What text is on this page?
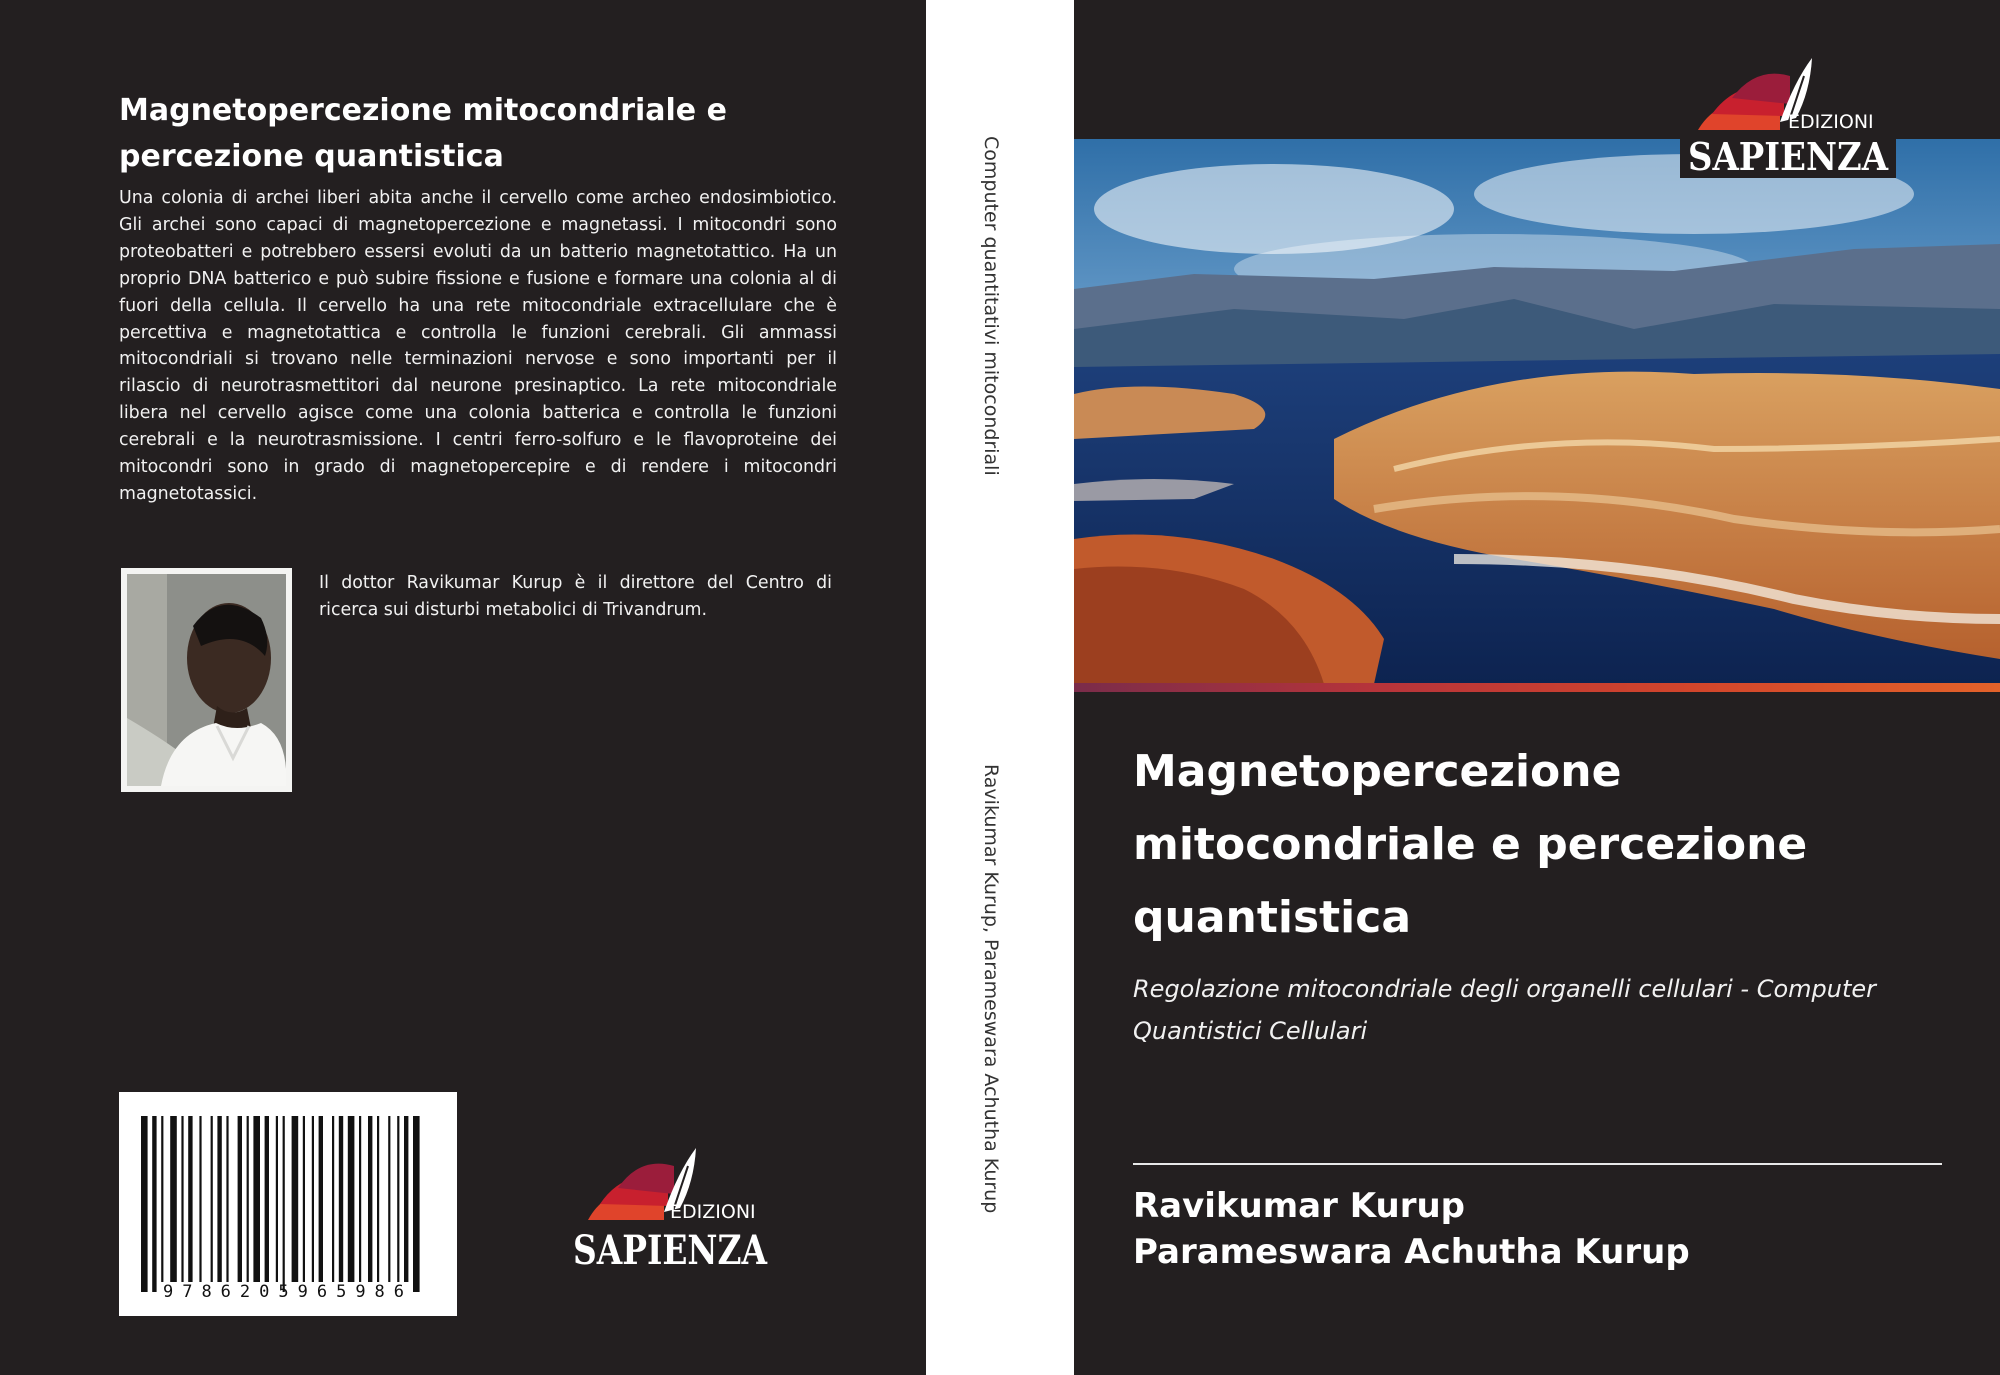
Magnetopercezione mitocondriale e percezione quantistica
Una colonia di archei liberi abita anche il cervello come archeo endosimbiotico. Gli archei sono capaci di magnetopercezione e magnetassi. I mitocondri sono proteobatteri e potrebbero essersi evoluti da un batterio magnetotattico. Ha un proprio DNA batterico e può subire fissione e fusione e formare una colonia al di fuori della cellula. Il cervello ha una rete mitocondriale extracellulare che è percettiva e magnetotattica e controlla le funzioni cerebrali. Gli ammassi mitocondriali si trovano nelle terminazioni nervose e sono importanti per il rilascio di neurotrasmettitori dal neurone presinaptico. La rete mitocondriale libera nel cervello agisce come una colonia batterica e controlla le funzioni cerebrali e la neurotrasmissione. I centri ferro-solfuro e le flavoproteine dei mitocondri sono in grado di magnetopercepire e di rendere i mitocondri magnetotassici.
Il dottor Ravikumar Kurup è il direttore del Centro di ricerca sui disturbi metabolici di Trivandrum.
9786205965986
EDIZIONI
SAPIENZA
Computer quantitativi mitocondriali
Ravikumar Kurup, Parameswara Achutha Kurup
EDIZIONI
SAPIENZA
Magnetopercezione mitocondriale e percezione quantistica
Regolazione mitocondriale degli organelli cellulari - Computer Quantistici Cellulari
Ravikumar Kurup
Parameswara Achutha Kurup
